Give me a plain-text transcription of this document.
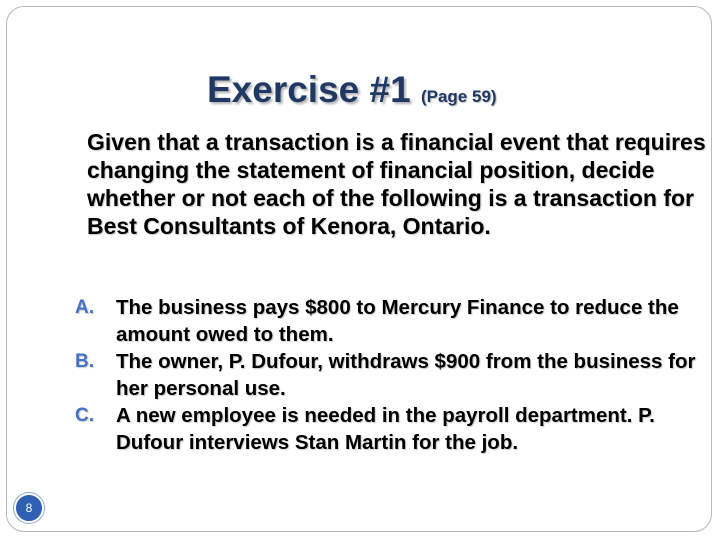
Exercise #1 (Page 59)

Given that a transaction is a financial event that requires changing the statement of financial position, decide whether or not each of the following is a transaction for Best Consultants of Kenora, Ontario.

A. The business pays $800 to Mercury Finance to reduce the amount owed to them.
B. The owner, P. Dufour, withdraws $900 from the business for her personal use.
C. A new employee is needed in the payroll department. P. Dufour interviews Stan Martin for the job.
8
